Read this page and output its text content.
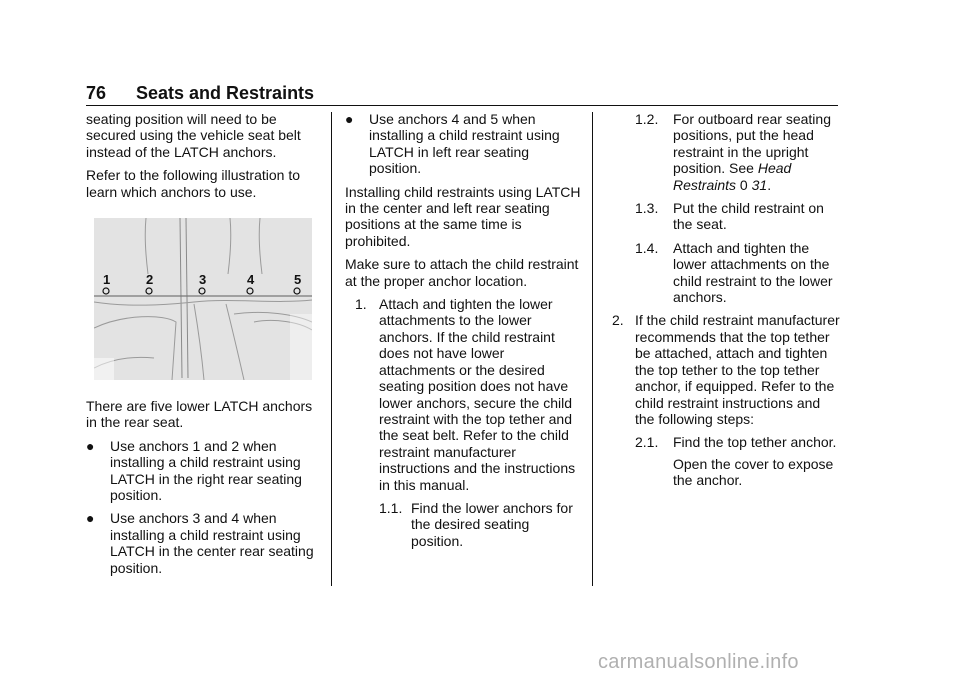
76 Seats and Restraints

seating position will need to be secured using the vehicle seat belt instead of the LATCH anchors.

Refer to the following illustration to learn which anchors to use.

1	2	3	4	5

There are five lower LATCH anchors in the rear seat.

● Use anchors 1 and 2 when installing a child restraint using LATCH in the right rear seating position.
● Use anchors 3 and 4 when installing a child restraint using LATCH in the center rear seating position.
● Use anchors 4 and 5 when installing a child restraint using LATCH in left rear seating position.

Installing child restraints using LATCH in the center and left rear seating positions at the same time is prohibited.

Make sure to attach the child restraint at the proper anchor location.

1. Attach and tighten the lower attachments to the lower anchors. If the child restraint does not have lower attachments or the desired seating position does not have lower anchors, secure the child restraint with the top tether and the seat belt. Refer to the child restraint manufacturer instructions and the instructions in this manual.
1.1. Find the lower anchors for the desired seating position.
1.2. For outboard rear seating positions, put the head restraint in the upright position. See Head Restraints 0 31.
1.3. Put the child restraint on the seat.
1.4. Attach and tighten the lower attachments on the child restraint to the lower anchors.
2. If the child restraint manufacturer recommends that the top tether be attached, attach and tighten the top tether to the top tether anchor, if equipped. Refer to the child restraint instructions and the following steps:
2.1. Find the top tether anchor.

Open the cover to expose the anchor.

carmanualsonline.info
